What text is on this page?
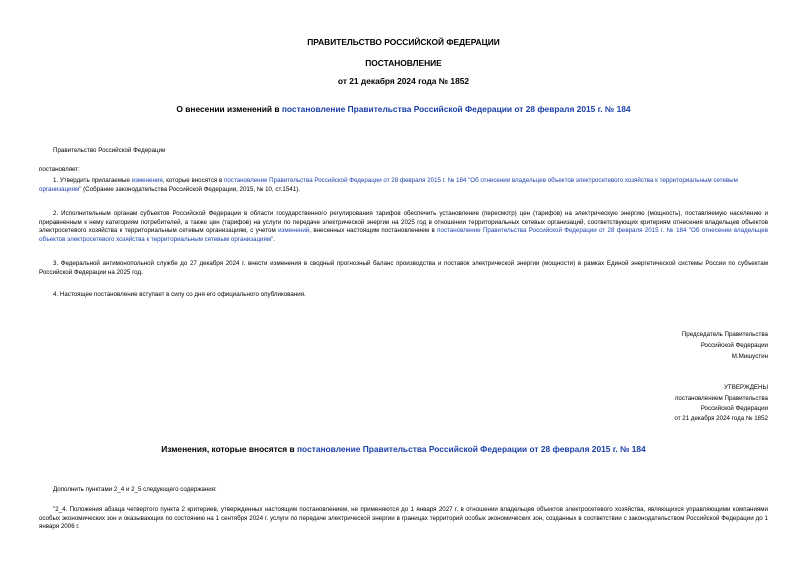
ПРАВИТЕЛЬСТВО РОССИЙСКОЙ ФЕДЕРАЦИИ
ПОСТАНОВЛЕНИЕ
от 21 декабря 2024 года № 1852
О внесении изменений в постановление Правительства Российской Федерации от 28 февраля 2015 г. № 184
Правительство Российской Федерации
постановляет:
1. Утвердить прилагаемые изменения, которые вносятся в постановление Правительства Российской Федерации от 28 февраля 2015 г. № 184 "Об отнесении владельцев объектов электросетевого хозяйства к территориальным сетевым организациям" (Собрание законодательства Российской Федерации, 2015, № 10, ст.1541).
2. Исполнительным органам субъектов Российской Федерации в области государственного регулирования тарифов обеспечить установление (пересмотр) цен (тарифов) на электрическую энергию (мощность), поставляемую населению и приравненным к нему категориям потребителей, а также цен (тарифов) на услуги по передаче электрической энергии на 2025 год в отношении территориальных сетевых организаций, соответствующих критериям отнесения владельцев объектов электросетевого хозяйства к территориальным сетевым организациям, с учетом изменений, внесенных настоящим постановлением в постановление Правительства Российской Федерации от 28 февраля 2015 г. № 184 "Об отнесении владельцев объектов электросетевого хозяйства к территориальным сетевым организациям".
3. Федеральной антимонопольной службе до 27 декабря 2024 г. внести изменения в сводный прогнозный баланс производства и поставок электрической энергии (мощности) в рамках Единой энергетической системы России по субъектам Российской Федерации на 2025 год.
4. Настоящее постановление вступает в силу со дня его официального опубликования.
Председатель Правительства
Российской Федерации
М.Мишустин
УТВЕРЖДЕНЫ
постановлением Правительства
Российской Федерации
от 21 декабря 2024 года № 1852
Изменения, которые вносятся в постановление Правительства Российской Федерации от 28 февраля 2015 г. № 184
Дополнить пунктами 2_4 и 2_5 следующего содержания:
"2_4. Положения абзаца четвертого пункта 2 критериев, утвержденных настоящим постановлением, не применяются до 1 января 2027 г. в отношении владельцев объектов электросетевого хозяйства, являющихся управляющими компаниями особых экономических зон и оказывающих по состоянию на 1 сентября 2024 г. услуги по передаче электрической энергии в границах территорий особых экономических зон, созданных в соответствии с законодательством Российской Федерации до 1 января 2006 г.
